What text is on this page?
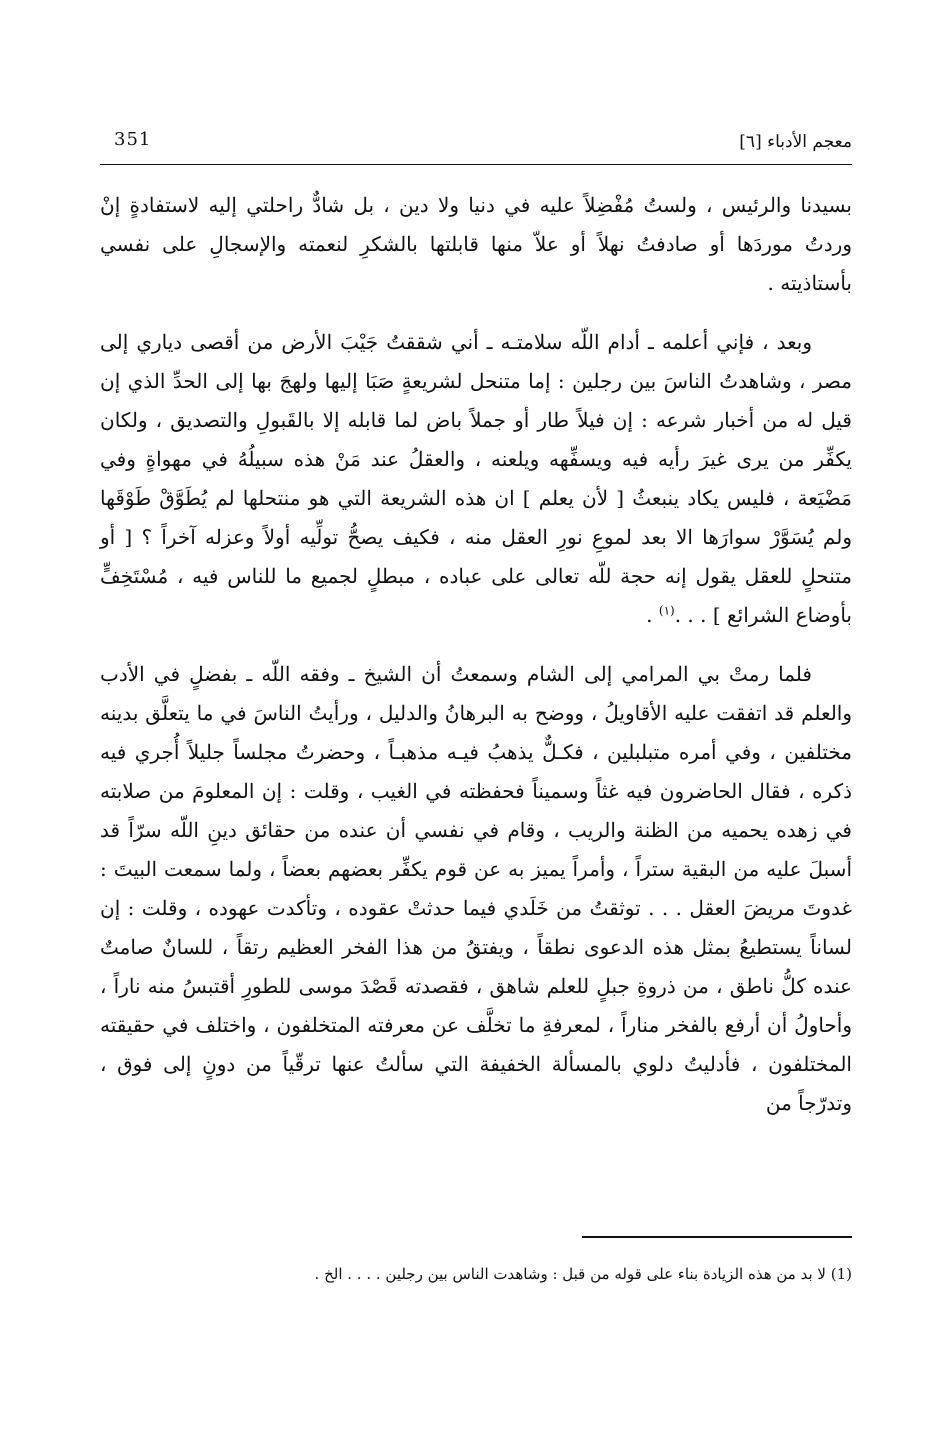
معجم الأدباء [٦]
351

بسيدنا والرئيس ، ولستُ مُفْضِلاً عليه في دنيا ولا دين ، بل شادٌّ راحلتي إليه لاستفادةٍ إنْ وردتُ موردَها أو صادفتُ نهلاً أو علاّ منها قابلتها بالشكرِ لنعمته والإسجالِ على نفسي بأستاذيته .

وبعد ، فإني أعلمه ـ أدام اللّه سلامتـه ـ أني شققتُ جَيْبَ الأرض من أقصى دياري إلى مصر ، وشاهدتُ الناسَ بين رجلين : إما متنحل لشريعةٍ صَبَا إليها ولهجَ بها إلى الحدِّ الذي إن قيل له من أخبار شرعه : إن فيلاً طار أو جملاً باض لما قابله إلا بالقَبولِ والتصديق ، ولكان يكفِّر من يرى غيرَ رأيه فيه ويسفِّهه ويلعنه ، والعقلُ عند مَنْ هذه سبيلُهُ في مهواةٍ وفي مَضْيَعة ، فليس يكاد ينبعثُ [ لأن يعلم ] ان هذه الشريعة التي هو منتحلها لم يُطَوَّقْ طَوْقَها ولم يُسَوَّرْ سوارَها الا بعد لموعِ نورِ العقل منه ، فكيف يصحُّ تولِّيه أولاً وعزله آخراً ؟ [ أو متنحلٍ للعقل يقول إنه حجة للّه تعالى على عباده ، مبطلٍ لجميع ما للناس فيه ، مُسْتَخِفٍّ بأوضاع الشرائع ] . . .$^{(١)}$ .

فلما رمتْ بي المرامي إلى الشام وسمعتُ أن الشيخ ـ وفقه اللّه ـ بفضلٍ في الأدب والعلم قد اتفقت عليه الأقاويلُ ، ووضح به البرهانُ والدليل ، ورأيتُ الناسَ في ما يتعلَّق بدينه مختلفين ، وفي أمره متبلبلين ، فكـلٌّ يذهبُ فيـه مذهبـاً ، وحضرتُ مجلساً جليلاً أُجري فيه ذكره ، فقال الحاضرون فيه غثاً وسميناً فحفظته في الغيب ، وقلت : إن المعلومَ من صلابته في زهده يحميه من الظنة والريب ، وقام في نفسي أن عنده من حقائق دينِ اللّه سرّاً قد أسبلَ عليه من البقية ستراً ، وأمراً يميز به عن قوم يكفِّر بعضهم بعضاً ، ولما سمعت البيتَ : غدوتَ مريضَ العقل . . . توثقتُ من خَلَدي فيما حدثتْ عقوده ، وتأكدت عهوده ، وقلت : إن لساناً يستطيعُ بمثل هذه الدعوى نطقاً ، ويفتقُ من هذا الفخر العظيم رتقاً ، للسانٌ صامتٌ عنده كلُّ ناطق ، من ذروةِ جبلٍ للعلم شاهق ، فقصدته قَصْدَ موسى للطورِ أقتبسُ منه ناراً ، وأحاولُ أن أرفع بالفخر مناراً ، لمعرفةِ ما تخلَّف عن معرفته المتخلفون ، واختلف في حقيقته المختلفون ، فأدليتُ دلوي بالمسألة الخفيفة التي سألتُ عنها ترقّياً من دونٍ إلى فوق ، وتدرّجاً من

(1) لا بد من هذه الزيادة بناء على قوله من قبل : وشاهدت الناس بين رجلين . . . . الخ .
